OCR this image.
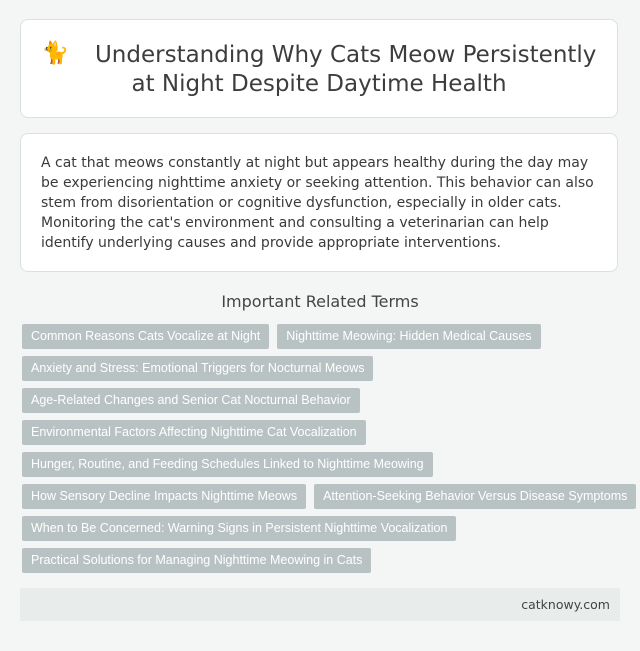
🐈 Understanding Why Cats Meow Persistently at Night Despite Daytime Health

A cat that meows constantly at night but appears healthy during the day may be experiencing nighttime anxiety or seeking attention. This behavior can also stem from disorientation or cognitive dysfunction, especially in older cats. Monitoring the cat's environment and consulting a veterinarian can help identify underlying causes and provide appropriate interventions.

Important Related Terms
Common Reasons Cats Vocalize at Night	Nighttime Meowing: Hidden Medical Causes
Anxiety and Stress: Emotional Triggers for Nocturnal Meows
Age-Related Changes and Senior Cat Nocturnal Behavior
Environmental Factors Affecting Nighttime Cat Vocalization
Hunger, Routine, and Feeding Schedules Linked to Nighttime Meowing
How Sensory Decline Impacts Nighttime Meows	Attention-Seeking Behavior Versus Disease Symptoms
When to Be Concerned: Warning Signs in Persistent Nighttime Vocalization
Practical Solutions for Managing Nighttime Meowing in Cats
catknowy.com
